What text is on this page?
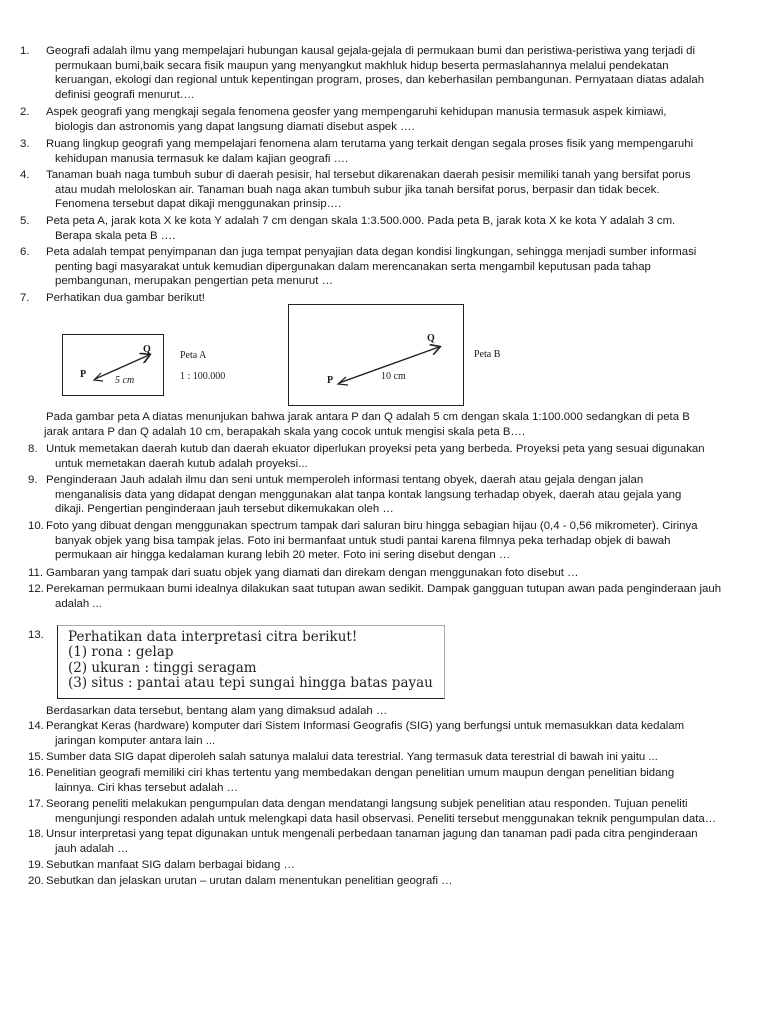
1.	Geografi adalah ilmu yang mempelajari hubungan kausal gejala-gejala di permukaan bumi dan peristiwa-peristiwa yang terjadi di
permukaan bumi,baik secara fisik maupun yang menyangkut makhluk hidup beserta permaslahannya melalui pendekatan
keruangan, ekologi dan regional untuk kepentingan program, proses, dan keberhasilan pembangunan. Pernyataan diatas adalah
definisi geografi menurut….
2.	Aspek geografi yang mengkaji segala fenomena geosfer yang mempengaruhi kehidupan manusia termasuk aspek kimiawi,
biologis dan astronomis yang dapat langsung diamati disebut aspek ….
3.	Ruang lingkup geografi yang mempelajari fenomena alam terutama yang terkait dengan segala proses fisik yang mempengaruhi
kehidupan manusia termasuk ke dalam kajian geografi ….
4.	Tanaman buah naga tumbuh subur di daerah pesisir, hal tersebut dikarenakan daerah pesisir memiliki tanah yang bersifat porus
atau mudah meloloskan air. Tanaman buah naga akan tumbuh subur jika tanah bersifat porus, berpasir dan tidak becek.
Fenomena tersebut dapat dikaji menggunakan prinsip….
5.	Peta peta A, jarak kota X ke kota Y adalah 7 cm dengan skala 1:3.500.000. Pada peta B, jarak kota X ke kota Y adalah 3 cm.
Berapa skala peta B ….
6.	Peta adalah tempat penyimpanan dan juga tempat penyajian data degan kondisi lingkungan, sehingga menjadi sumber informasi
penting bagi masyarakat untuk kemudian dipergunakan dalam merencanakan serta mengambil keputusan pada tahap
pembangunan, merupakan pengertian peta menurut …
7.	Perhatikan dua gambar berikut!
Q
P
5 cm
Peta A
1 : 100.000
Q
P	10 cm
Peta B
Pada gambar peta A diatas menunjukan bahwa jarak antara P dan Q adalah 5 cm dengan skala 1:100.000 sedangkan di peta B
jarak antara P dan Q adalah 10 cm, berapakah skala yang cocok untuk mengisi skala peta B….
8. Untuk memetakan daerah kutub dan daerah ekuator diperlukan proyeksi peta yang berbeda. Proyeksi peta yang sesuai digunakan
untuk memetakan daerah kutub adalah proyeksi...
9. Penginderaan Jauh adalah ilmu dan seni untuk memperoleh informasi tentang obyek, daerah atau gejala dengan jalan
menganalisis data yang didapat dengan menggunakan alat tanpa kontak langsung terhadap obyek, daerah atau gejala yang
dikaji. Pengertian penginderaan jauh tersebut dikemukakan oleh …
10. Foto yang dibuat dengan menggunakan spectrum tampak dari saluran biru hingga sebagian hijau (0,4 - 0,56 mikrometer). Cirinya
banyak objek yang bisa tampak jelas. Foto ini bermanfaat untuk studi pantai karena filmnya peka terhadap objek di bawah
permukaan air hingga kedalaman kurang lebih 20 meter. Foto ini sering disebut dengan …
11. Gambaran yang tampak dari suatu objek yang diamati dan direkam dengan menggunakan foto disebut …
12. Perekaman permukaan bumi idealnya dilakukan saat tutupan awan sedikit. Dampak gangguan tutupan awan pada penginderaan jauh
adalah ...
13.	Perhatikan data interpretasi citra berikut!
(1) rona : gelap
(2) ukuran : tinggi seragam
(3) situs : pantai atau tepi sungai hingga batas payau
Berdasarkan data tersebut, bentang alam yang dimaksud adalah …
14. Perangkat Keras (hardware) komputer dari Sistem Informasi Geografis (SIG) yang berfungsi untuk memasukkan data kedalam
jaringan komputer antara lain ...
15. Sumber data SIG dapat diperoleh salah satunya malalui data terestrial. Yang termasuk data terestrial di bawah ini yaitu ...
16. Penelitian geografi memiliki ciri khas tertentu yang membedakan dengan penelitian umum maupun dengan penelitian bidang
lainnya. Ciri khas tersebut adalah …
17. Seorang peneliti melakukan pengumpulan data dengan mendatangi langsung subjek penelitian atau responden. Tujuan peneliti
mengunjungi responden adalah untuk melengkapi data hasil observasi. Peneliti tersebut menggunakan teknik pengumpulan data…
18. Unsur interpretasi yang tepat digunakan untuk mengenali perbedaan tanaman jagung dan tanaman padi pada citra penginderaan
jauh adalah …
19. Sebutkan manfaat SIG dalam berbagai bidang …
20. Sebutkan dan jelaskan urutan – urutan dalam menentukan penelitian geografi …
